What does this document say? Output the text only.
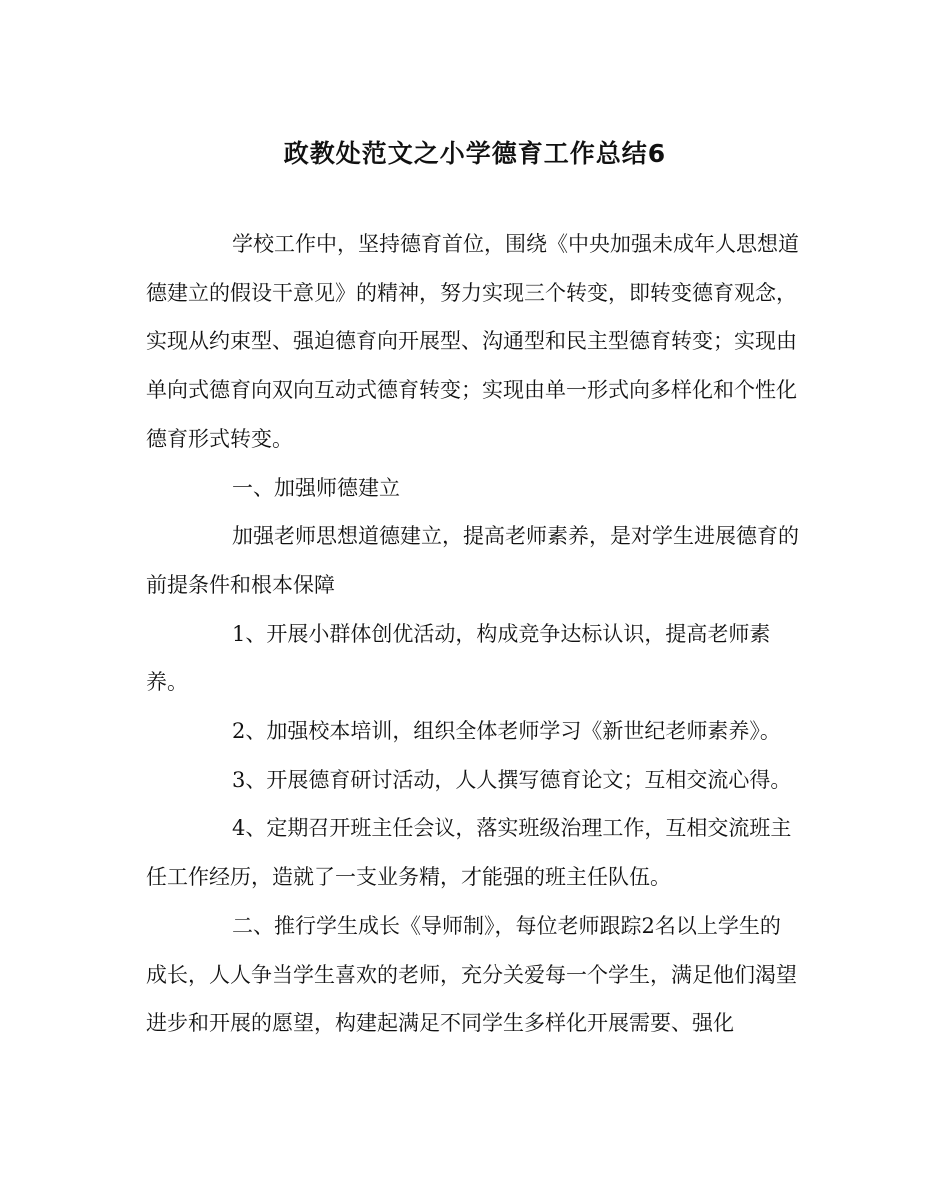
政教处范文之小学德育工作总结6

学校工作中，坚持德育首位，围绕《中央加强未成年人思想道德建立的假设干意见》的精神，努力实现三个转变，即转变德育观念，实现从约束型、强迫德育向开展型、沟通型和民主型德育转变；实现由单向式德育向双向互动式德育转变；实现由单一形式向多样化和个性化德育形式转变。

一、加强师德建立

加强老师思想道德建立，提高老师素养，是对学生进展德育的前提条件和根本保障

1、开展小群体创优活动，构成竞争达标认识，提高老师素养。

2、加强校本培训，组织全体老师学习《新世纪老师素养》。

3、开展德育研讨活动，人人撰写德育论文；互相交流心得。

4、定期召开班主任会议，落实班级治理工作，互相交流班主任工作经历，造就了一支业务精，才能强的班主任队伍。

二、推行学生成长《导师制》，每位老师跟踪2名以上学生的成长，人人争当学生喜欢的老师，充分关爱每一个学生，满足他们渴望进步和开展的愿望，构建起满足不同学生多样化开展需要、强化
